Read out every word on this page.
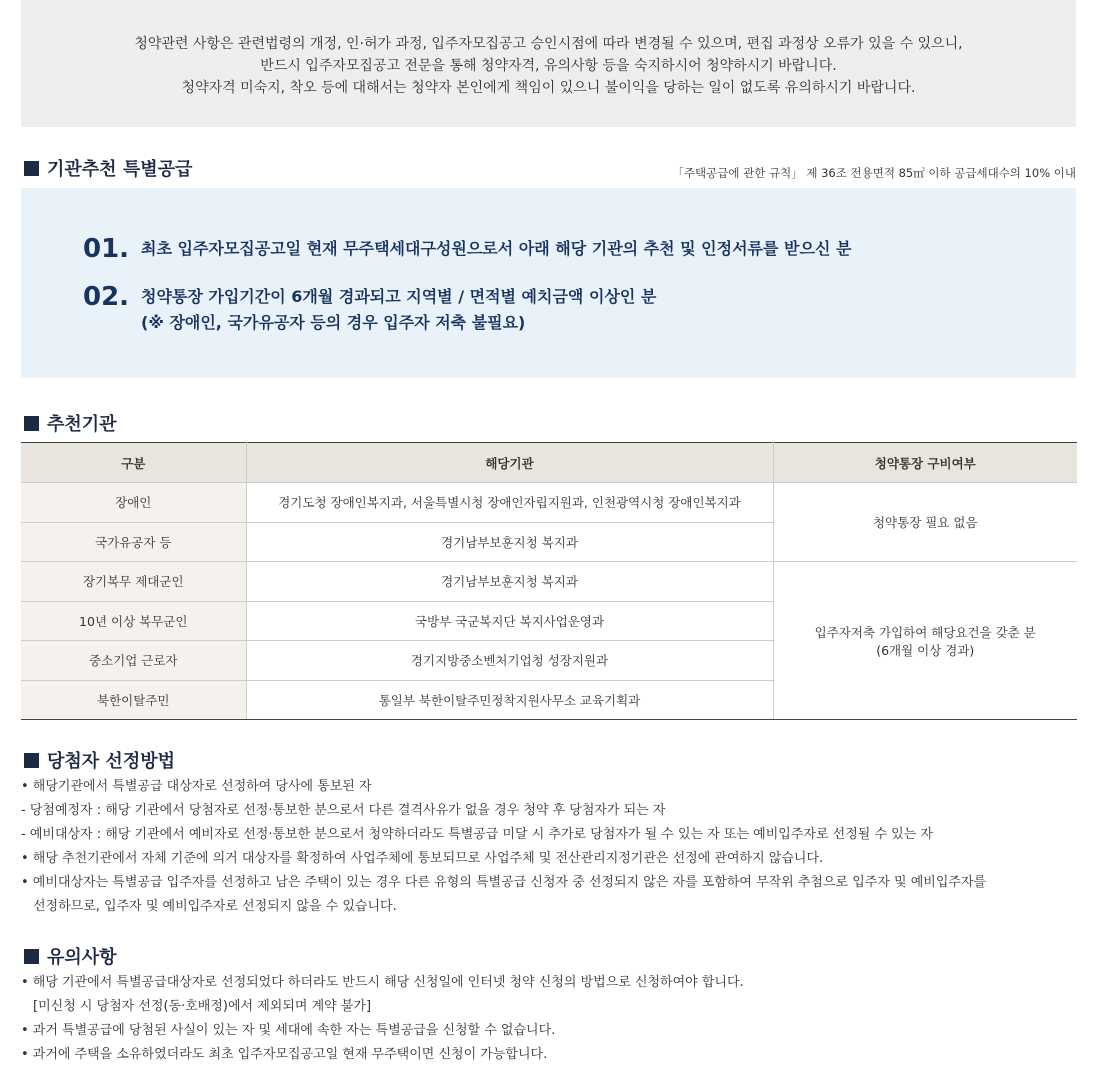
청약관련 사항은 관련법령의 개정, 인·허가 과정, 입주자모집공고 승인시점에 따라 변경될 수 있으며, 편집 과정상 오류가 있을 수 있으니,

반드시 입주자모집공고 전문을 통해 청약자격, 유의사항 등을 숙지하시어 청약하시기 바랍니다.

청약자격 미숙지, 착오 등에 대해서는 청약자 본인에게 책임이 있으니 불이익을 당하는 일이 없도록 유의하시기 바랍니다.

기관추천 특별공급	「주택공급에 관한 규칙」 제 36조 전용면적 85㎡ 이하 공급세대수의 10% 이내
01. 최초 입주자모집공고일 현재 무주택세대구성원으로서 아래 해당 기관의 추천 및 인정서류를 받으신 분
02. 청약통장 가입기간이 6개월 경과되고 지역별 / 면적별 예치금액 이상인 분
(※ 장애인, 국가유공자 등의 경우 입주자 저축 불필요)
추천기관
구분	해당기관	청약통장 구비여부
장애인	경기도청 장애인복지과, 서울특별시청 장애인자립지원과, 인천광역시청 장애인복지과	청약통장 필요 없음
국가유공자 등	경기남부보훈지청 복지과	
장기복무 제대군인	경기남부보훈지청 복지과	입주자저축 가입하여 해당요건을 갖춘 분
(6개월 이상 경과)

10년 이상 복무군인	국방부 국군복지단 복지사업운영과	
중소기업 근로자	경기지방중소벤처기업청 성장지원과	
북한이탈주민	통일부 북한이탈주민정착지원사무소 교육기획과	
당첨자 선정방법
• 해당기관에서 특별공급 대상자로 선정하여 당사에 통보된 자
- 당첨예정자 : 해당 기관에서 당첨자로 선정·통보한 분으로서 다른 결격사유가 없을 경우 청약 후 당첨자가 되는 자
- 예비대상자 : 해당 기관에서 예비자로 선정·통보한 분으로서 청약하더라도 특별공급 미달 시 추가로 당첨자가 될 수 있는 자 또는 예비입주자로 선정될 수 있는 자
• 해당 추천기관에서 자체 기준에 의거 대상자를 확정하여 사업주체에 통보되므로 사업주체 및 전산관리지정기관은 선정에 관여하지 않습니다.
• 예비대상자는 특별공급 입주자를 선정하고 남은 주택이 있는 경우 다른 유형의 특별공급 신청자 중 선정되지 않은 자를 포함하여 무작위 추첨으로 입주자 및 예비입주자를
선정하므로, 입주자 및 예비입주자로 선정되지 않을 수 있습니다.
유의사항
• 해당 기관에서 특별공급대상자로 선정되었다 하더라도 반드시 해당 신청일에 인터넷 청약 신청의 방법으로 신청하여야 합니다.
[미신청 시 당첨자 선정(동·호배정)에서 제외되며 계약 불가]
• 과거 특별공급에 당첨된 사실이 있는 자 및 세대에 속한 자는 특별공급을 신청할 수 없습니다.
• 과거에 주택을 소유하였더라도 최초 입주자모집공고일 현재 무주택이면 신청이 가능합니다.
